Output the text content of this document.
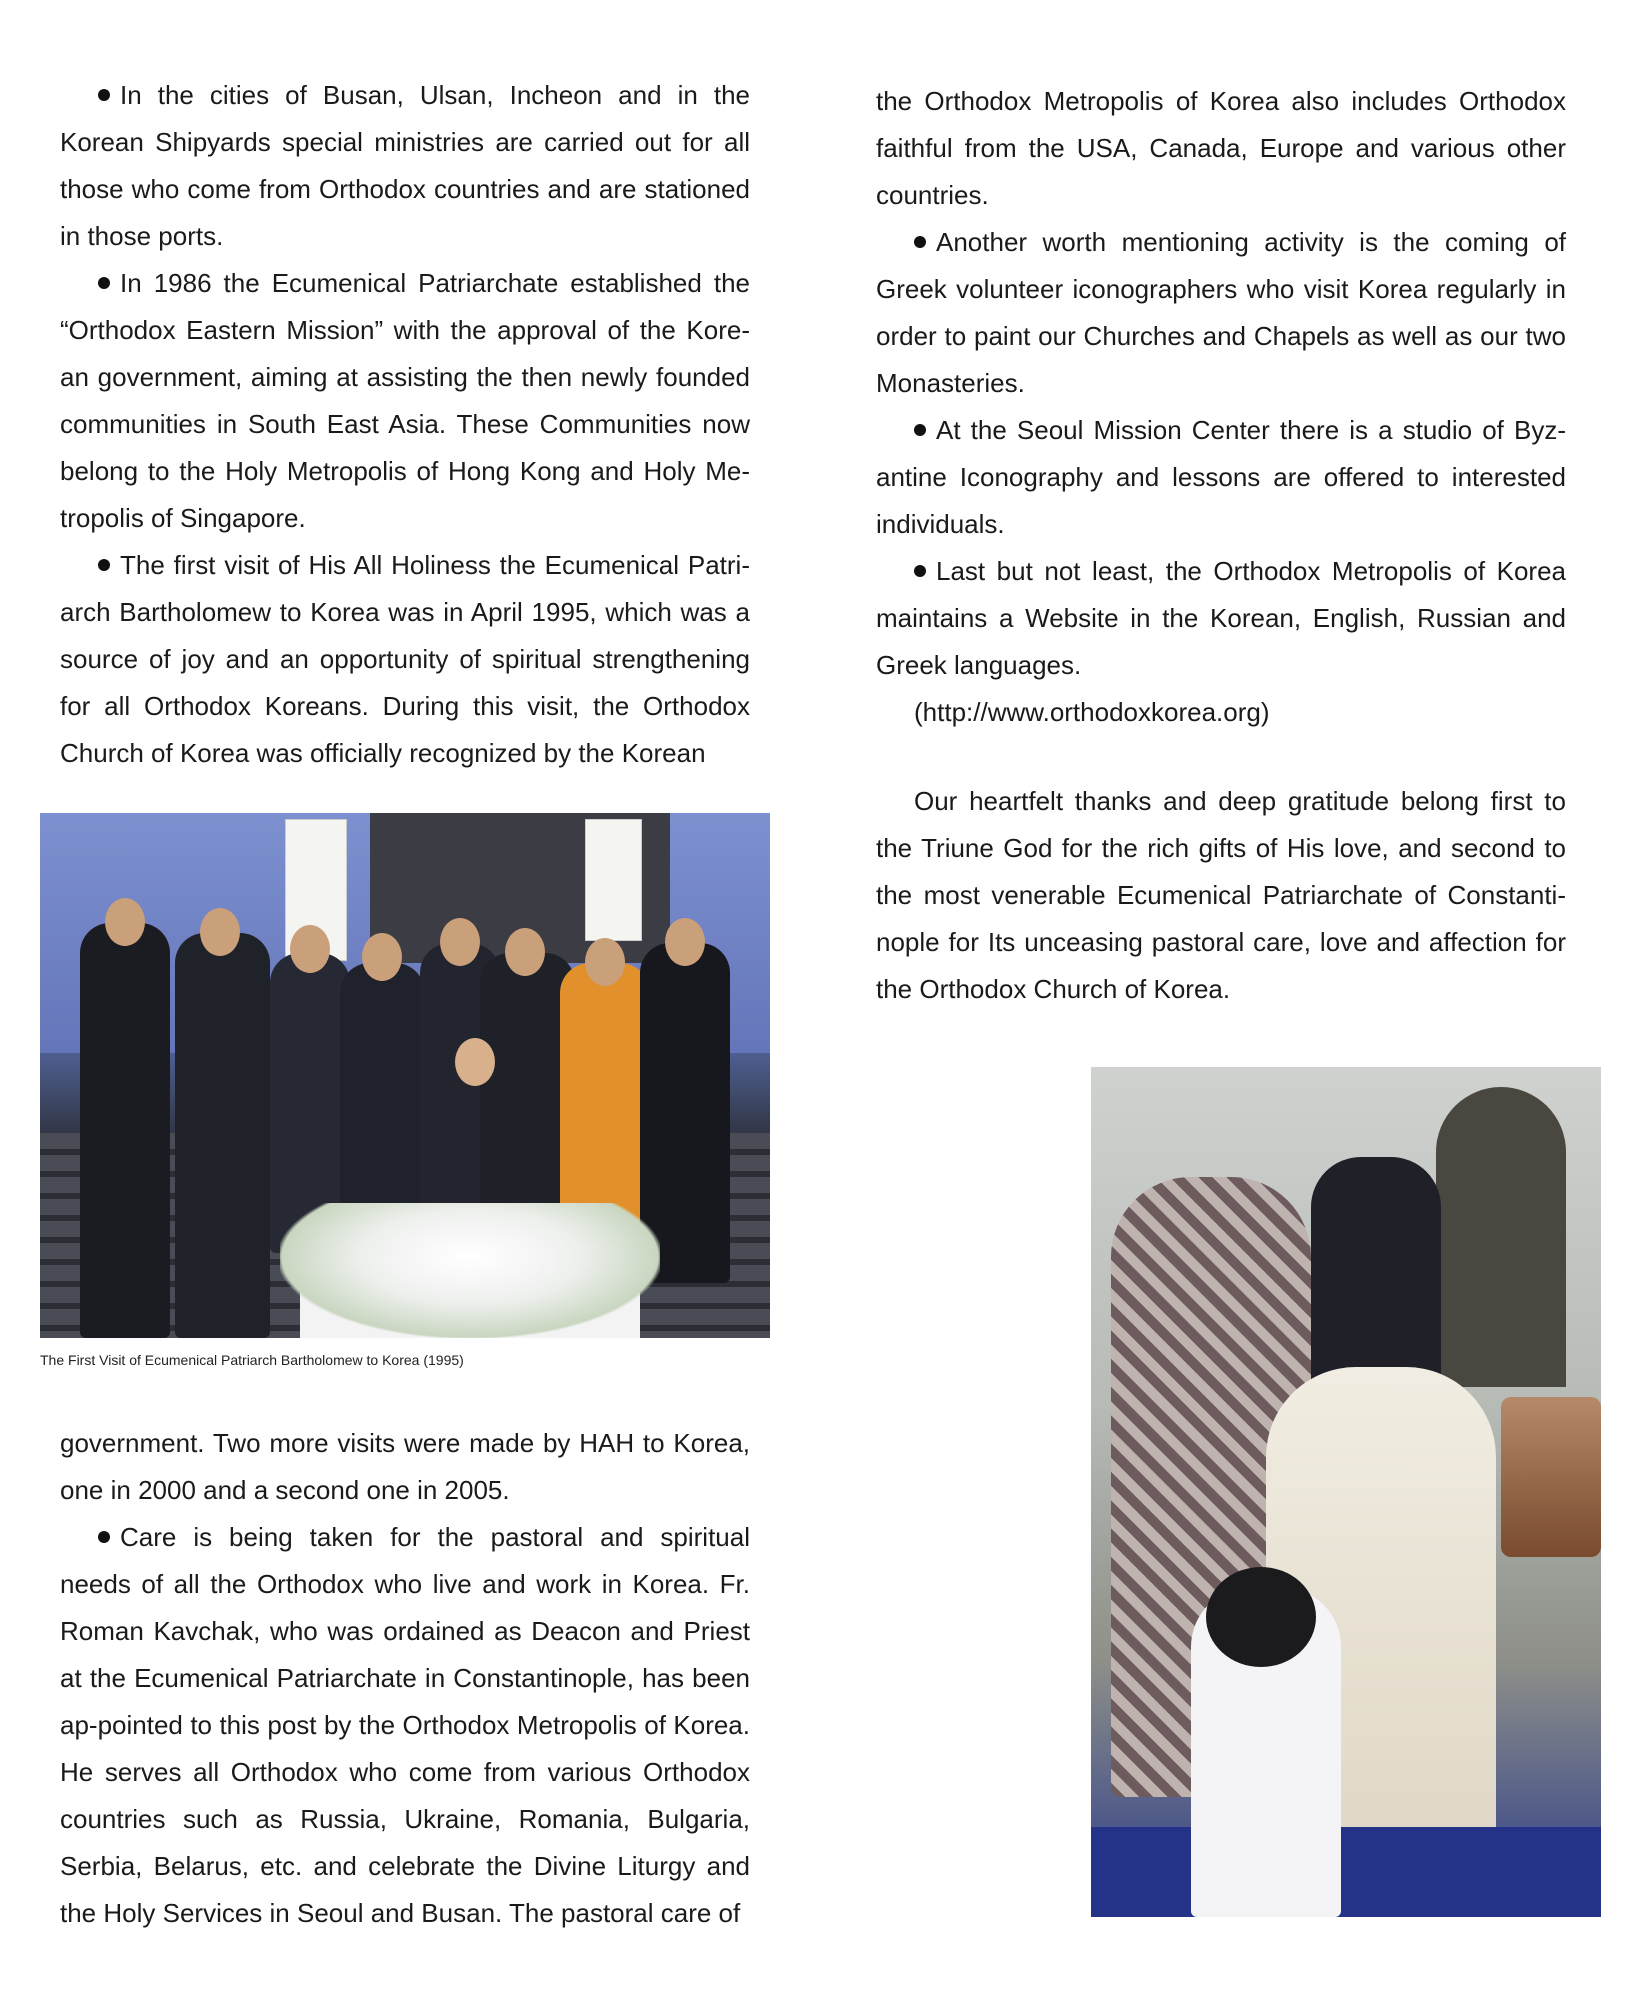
In the cities of Busan, Ulsan, Incheon and in the Korean Shipyards special ministries are carried out for all those who come from Orthodox countries and are stationed in those ports.

In 1986 the Ecumenical Patriarchate established the “Orthodox Eastern Mission” with the approval of the Kore-an government, aiming at assisting the then newly founded communities in South East Asia. These Communities now belong to the Holy Metropolis of Hong Kong and Holy Me-tropolis of Singapore.

The first visit of His All Holiness the Ecumenical Patri-arch Bartholomew to Korea was in April 1995, which was a source of joy and an opportunity of spiritual strengthening for all Orthodox Koreans. During this visit, the Orthodox Church of Korea was officially recognized by the Korean

The First Visit of Ecumenical Patriarch Bartholomew to Korea (1995)

government. Two more visits were made by HAH to Korea, one in 2000 and a second one in 2005.

Care is being taken for the pastoral and spiritual needs of all the Orthodox who live and work in Korea. Fr. Roman Kavchak, who was ordained as Deacon and Priest at the Ecumenical Patriarchate in Constantinople, has been ap-pointed to this post by the Orthodox Metropolis of Korea. He serves all Orthodox who come from various Orthodox countries such as Russia, Ukraine, Romania, Bulgaria, Serbia, Belarus, etc. and celebrate the Divine Liturgy and the Holy Services in Seoul and Busan. The pastoral care of

the Orthodox Metropolis of Korea also includes Orthodox faithful from the USA, Canada, Europe and various other countries.

Another worth mentioning activity is the coming of Greek volunteer iconographers who visit Korea regularly in order to paint our Churches and Chapels as well as our two Monasteries.

At the Seoul Mission Center there is a studio of Byz-antine Iconography and lessons are offered to interested individuals.

Last but not least, the Orthodox Metropolis of Korea maintains a Website in the Korean, English, Russian and Greek languages.

(http://www.orthodoxkorea.org)

Our heartfelt thanks and deep gratitude belong first to the Triune God for the rich gifts of His love, and second to the most venerable Ecumenical Patriarchate of Constanti-nople for Its unceasing pastoral care, love and affection for the Orthodox Church of Korea.
